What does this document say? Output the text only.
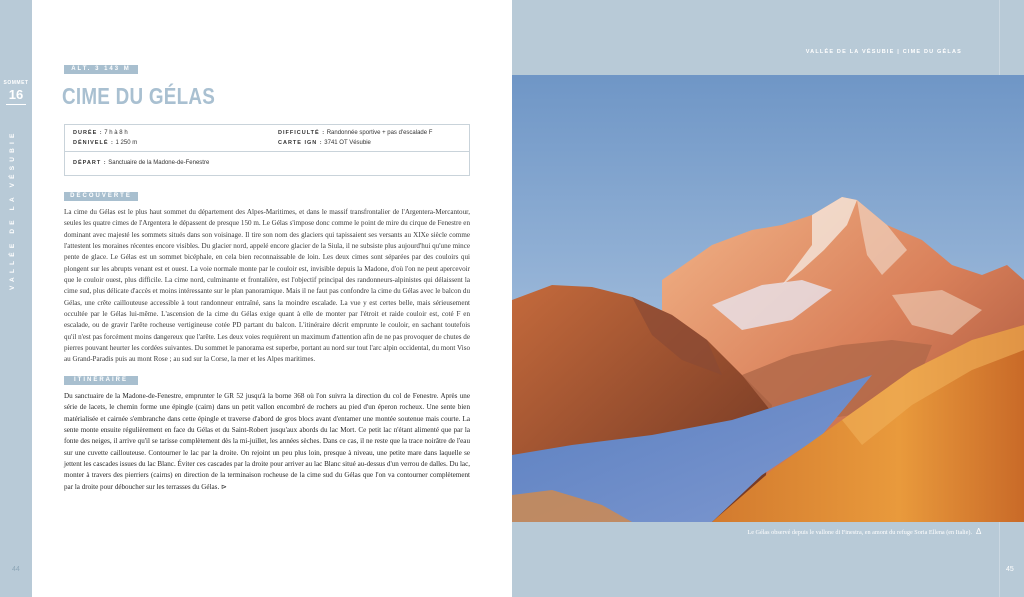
SOMMET
16
VALLÉE DE LA VÉSUBIE
44
ALT. 3 143 M
CIME DU GÉLAS
DURÉE : 7 h à 8 h
DÉNIVELÉ : 1 250 m
DIFFICULTÉ : Randonnée sportive + pas d'escalade F
CARTE IGN : 3741 OT Vésubie
DÉPART : Sanctuaire de la Madone-de-Fenestre
DÉCOUVERTE

La cime du Gélas est le plus haut sommet du département des Alpes-Maritimes, et dans le massif transfrontalier de l'Argentera-Mercantour, seules les quatre cimes de l'Argentera le dépassent de presque 150 m. Le Gélas s'impose donc comme le point de mire du cirque de Fenestre en dominant avec majesté les sommets situés dans son voisinage. Il tire son nom des glaciers qui tapissaient ses versants au XIXe siècle comme l'attestent les moraines récentes encore visibles. Du glacier nord, appelé encore glacier de la Siula, il ne subsiste plus aujourd'hui qu'une mince pente de glace. Le Gélas est un sommet bicéphale, en cela bien reconnaissable de loin. Les deux cimes sont séparées par des couloirs qui plongent sur les abrupts venant est et ouest. La voie normale monte par le couloir est, invisible depuis la Madone, d'où l'on ne peut apercevoir que le couloir ouest, plus difficile. La cime nord, culminante et frontalière, est l'objectif principal des randonneurs-alpinistes qui délaissent la cime sud, plus délicate d'accès et moins intéressante sur le plan panoramique. Mais il ne faut pas confondre la cime du Gélas avec le balcon du Gélas, une crête caillouteuse accessible à tout randonneur entraîné, sans la moindre escalade. La vue y est certes belle, mais sérieusement occultée par le Gélas lui-même. L'ascension de la cime du Gélas exige quant à elle de monter par l'étroit et raide couloir est, coté F en escalade, ou de gravir l'arête rocheuse vertigineuse cotée PD partant du balcon. L'itinéraire décrit emprunte le couloir, en sachant toutefois qu'il n'est pas forcément moins dangereux que l'arête. Les deux voies requièrent un maximum d'attention afin de ne pas provoquer de chutes de pierres pouvant heurter les cordées suivantes. Du sommet le panorama est superbe, portant au nord sur tout l'arc alpin occidental, du mont Viso au Grand-Paradis puis au mont Rose ; au sud sur la Corse, la mer et les Alpes maritimes.

ITINÉRAIRE

Du sanctuaire de la Madone-de-Fenestre, emprunter le GR 52 jusqu'à la borne 368 où l'on suivra la direction du col de Fenestre. Après une série de lacets, le chemin forme une épingle (cairn) dans un petit vallon encombré de rochers au pied d'un éperon rocheux. Une sente bien matérialisée et cairnée s'embranche dans cette épingle et traverse d'abord de gros blocs avant d'entamer une montée soutenue mais courte. La sente monte ensuite régulièrement en face du Gélas et du Saint-Robert jusqu'aux abords du lac Mort. Ce petit lac n'étant alimenté que par la fonte des neiges, il arrive qu'il se tarisse complètement dès la mi-juillet, les années sèches. Dans ce cas, il ne reste que la trace noirâtre de l'eau sur une cuvette caillouteuse. Contourner le lac par la droite. On rejoint un peu plus loin, presque à niveau, une petite mare dans laquelle se jettent les cascades issues du lac Blanc. Éviter ces cascades par la droite pour arriver au lac Blanc situé au-dessus d'un verrou de dalles. Du lac, monter à travers des pierriers (cairns) en direction de la terminaison rocheuse de la cime sud du Gélas que l'on va contourner complètement par la droite pour déboucher sur les terrasses du Gélas. ⊳

VALLÉE DE LA VÉSUBIE | CIME DU GÉLAS
Le Gélas observé depuis le vallone di Finestra, en amont du refuge Soria Ellena (en Italie). Δ
45
